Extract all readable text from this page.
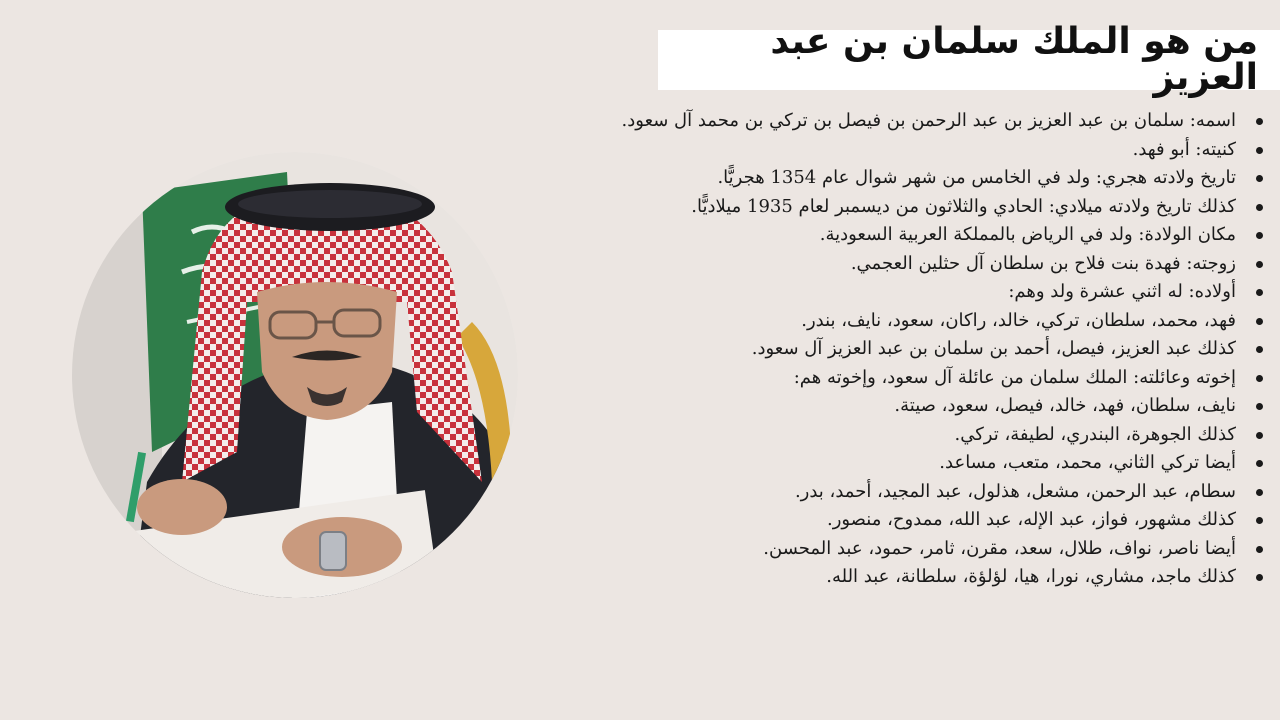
من هو الملك سلمان بن عبد العزيز
اسمه: سلمان بن عبد العزيز بن عبد الرحمن بن فيصل بن تركي بن محمد آل سعود.
كنيته: أبو فهد.
تاريخ ولادته هجري: ولد في الخامس من شهر شوال عام 1354 هجريًّا.
كذلك تاريخ ولادته ميلادي: الحادي والثلاثون من ديسمبر لعام 1935 ميلاديًّا.
مكان الولادة: ولد في الرياض بالمملكة العربية السعودية.
زوجته: فهدة بنت فلاح بن سلطان آل حثلين العجمي.
أولاده: له اثني عشرة ولد وهم:
فهد، محمد، سلطان، تركي، خالد، راكان، سعود، نايف، بندر.
كذلك عبد العزيز، فيصل، أحمد بن سلمان بن عبد العزيز آل سعود.
إخوته وعائلته: الملك سلمان من عائلة آل سعود، وإخوته هم:
نايف، سلطان، فهد، خالد، فيصل، سعود، صيتة.
كذلك الجوهرة، البندري، لطيفة، تركي.
أيضا تركي الثاني، محمد، متعب، مساعد.
سطام، عبد الرحمن، مشعل، هذلول، عبد المجيد، أحمد، بدر.
كذلك مشهور، فواز، عبد الإله، عبد الله، ممدوح، منصور.
أيضا ناصر، نواف، طلال، سعد، مقرن، ثامر، حمود، عبد المحسن.
كذلك ماجد، مشاري، نورا، هيا، لؤلؤة، سلطانة، عبد الله.
